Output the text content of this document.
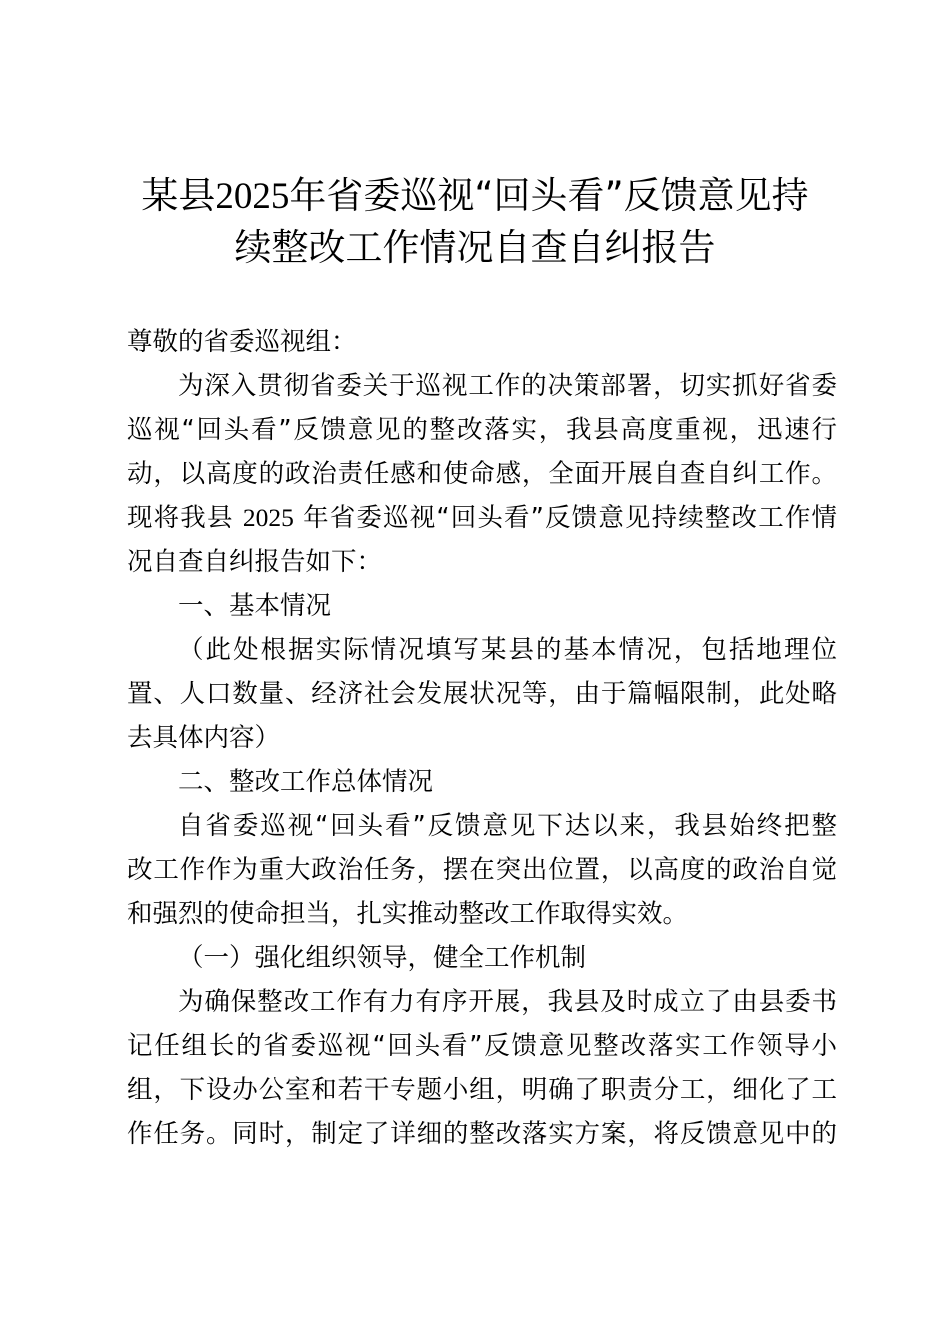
某县2025年省委巡视“回头看”反馈意见持
续整改工作情况自查自纠报告
尊敬的省委巡视组：
为深入贯彻省委关于巡视工作的决策部署，切实抓好省委
巡视“回头看”反馈意见的整改落实，我县高度重视，迅速行
动，以高度的政治责任感和使命感，全面开展自查自纠工作。
现将我县 2025 年省委巡视“回头看”反馈意见持续整改工作情
况自查自纠报告如下：
一、基本情况
（此处根据实际情况填写某县的基本情况，包括地理位
置、人口数量、经济社会发展状况等，由于篇幅限制，此处略
去具体内容）
二、整改工作总体情况
自省委巡视“回头看”反馈意见下达以来，我县始终把整
改工作作为重大政治任务，摆在突出位置，以高度的政治自觉
和强烈的使命担当，扎实推动整改工作取得实效。
（一）强化组织领导，健全工作机制
为确保整改工作有力有序开展，我县及时成立了由县委书
记任组长的省委巡视“回头看”反馈意见整改落实工作领导小
组，下设办公室和若干专题小组，明确了职责分工，细化了工
作任务。同时，制定了详细的整改落实方案，将反馈意见中的
